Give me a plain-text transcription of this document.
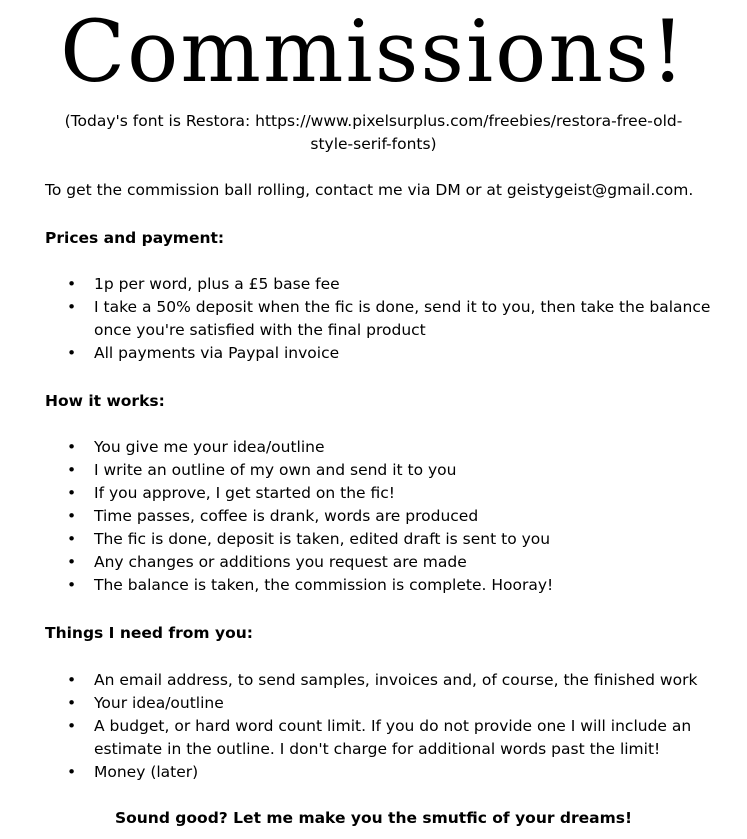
Commissions!

(Today's font is Restora: https://www.pixelsurplus.com/freebies/restora-free-old-
style-serif-fonts)

To get the commission ball rolling, contact me via DM or at geistygeist@gmail.com.

Prices and payment:

• 1p per word, plus a £5 base fee
• I take a 50% deposit when the fic is done, send it to you, then take the balance
once you're satisfied with the final product
• All payments via Paypal invoice

How it works:

• You give me your idea/outline
• I write an outline of my own and send it to you
• If you approve, I get started on the fic!
• Time passes, coffee is drank, words are produced
• The fic is done, deposit is taken, edited draft is sent to you
• Any changes or additions you request are made
• The balance is taken, the commission is complete. Hooray!

Things I need from you:

• An email address, to send samples, invoices and, of course, the finished work
• Your idea/outline
• A budget, or hard word count limit. If you do not provide one I will include an
estimate in the outline. I don't charge for additional words past the limit!
• Money (later)

Sound good? Let me make you the smutfic of your dreams!
